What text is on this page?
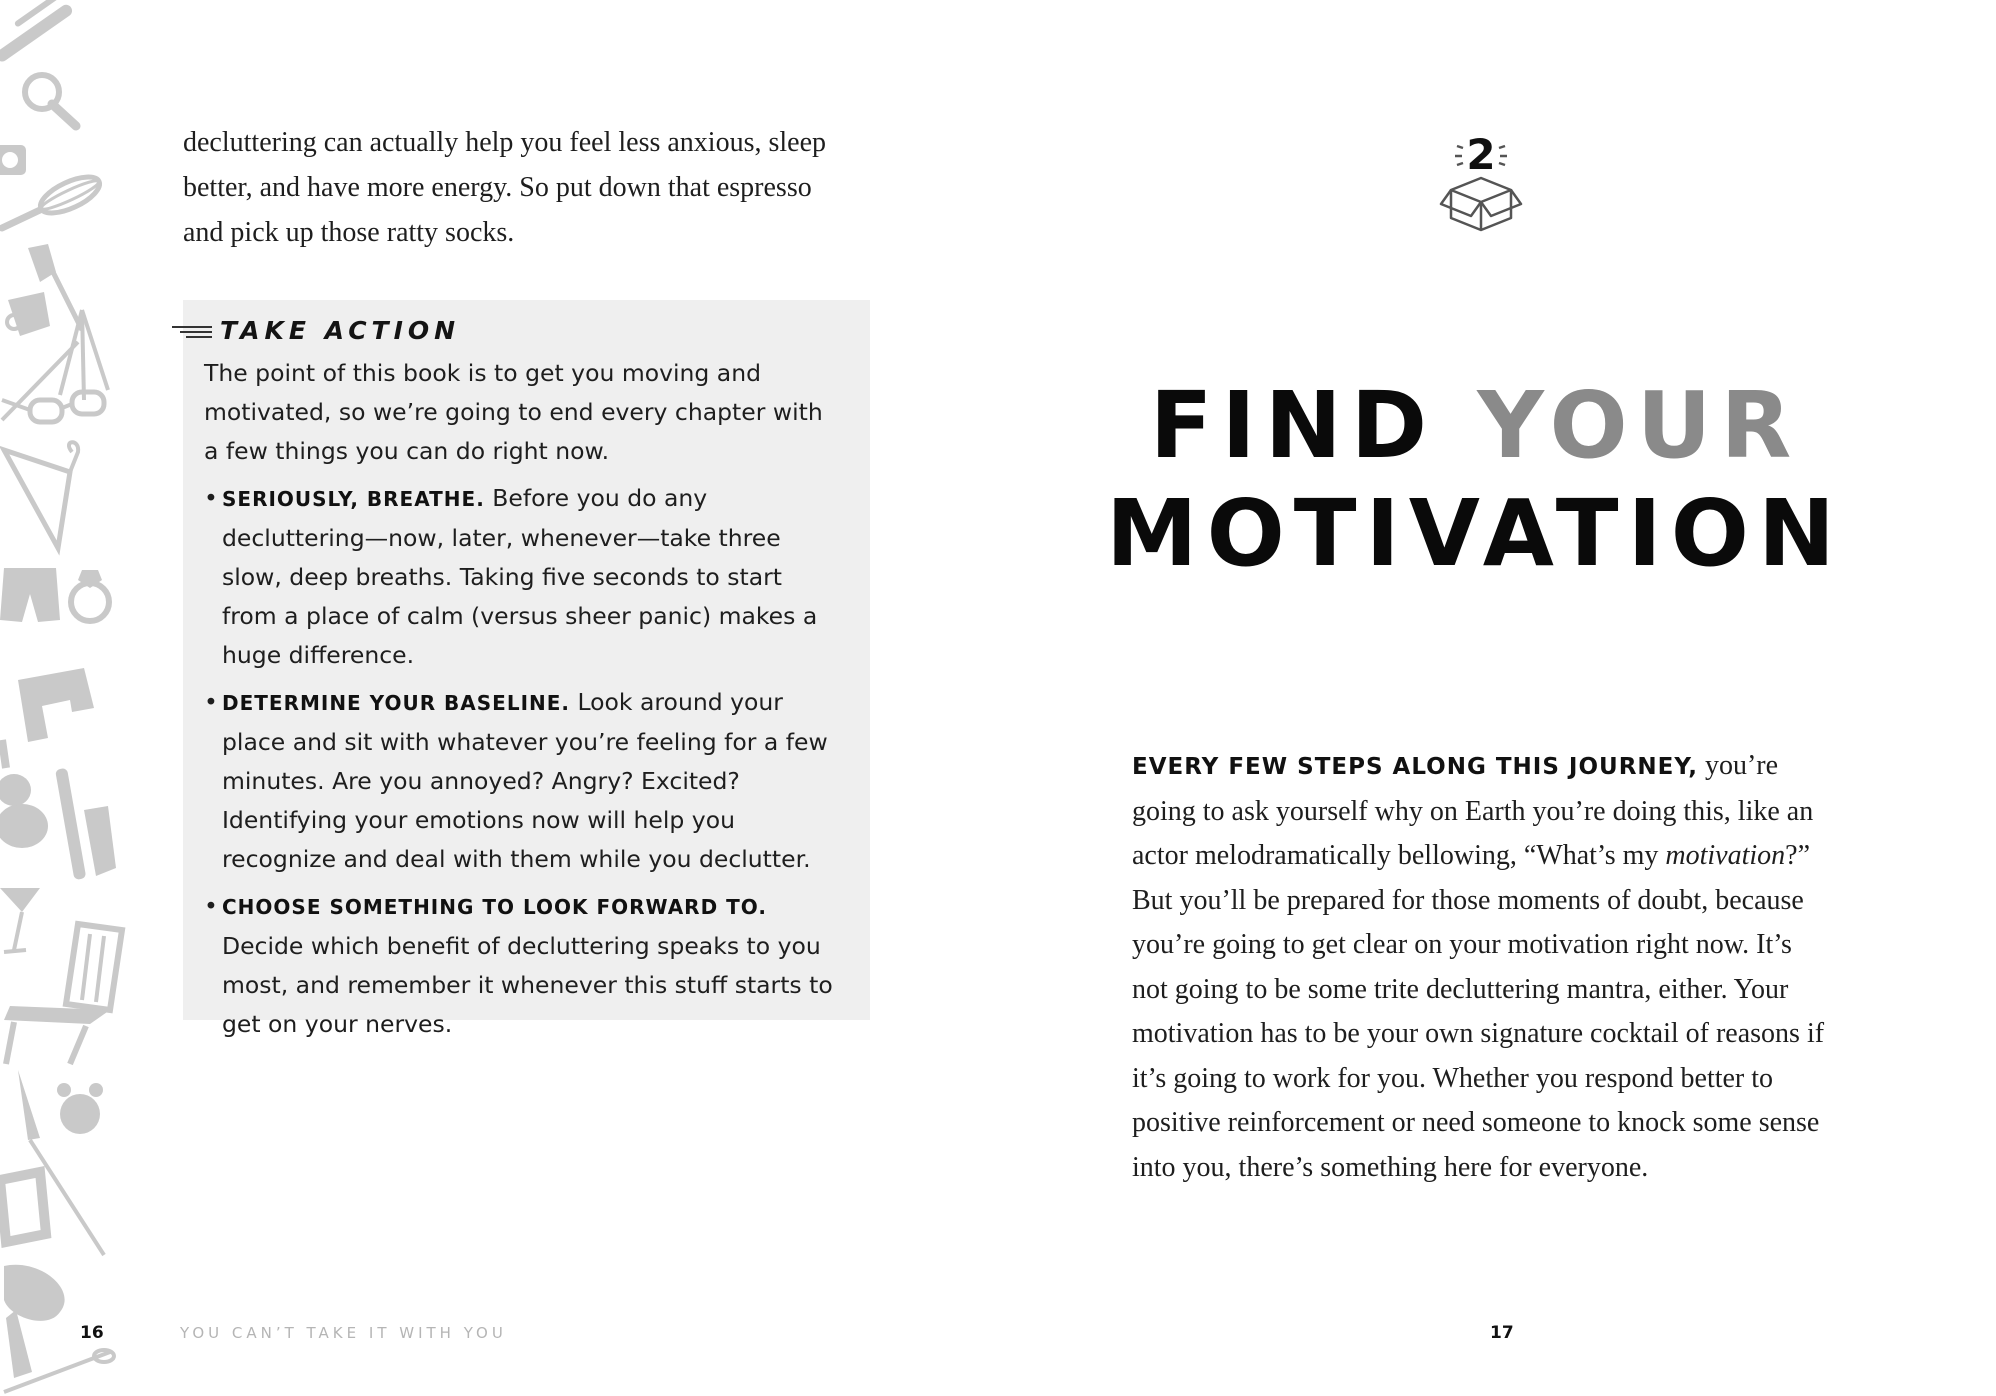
decluttering can actually help you feel less anxious, sleep
better, and have more energy. So put down that espresso
and pick up those ratty socks.
TAKE ACTION

The point of this book is to get you moving and motivated, so we’re going to end every chapter with a few things you can do right now.

• SERIOUSLY, BREATHE. Before you do any decluttering—now, later, whenever—take three slow, deep breaths. Taking five seconds to start from a place of calm (versus sheer panic) makes a huge difference.
• DETERMINE YOUR BASELINE. Look around your place and sit with whatever you’re feeling for a few minutes. Are you annoyed? Angry? Excited? Identifying your emotions now will help you recognize and deal with them while you declutter.
• CHOOSE SOMETHING TO LOOK FORWARD TO. Decide which benefit of decluttering speaks to you most, and remember it whenever this stuff starts to get on your nerves.
16	YOU CAN’T TAKE IT WITH YOU
2
FIND YOUR
MOTIVATION
EVERY FEW STEPS ALONG THIS JOURNEY, you’re going to ask yourself why on Earth you’re doing this, like an actor melodramatically bellowing, “What’s my motivation?” But you’ll be prepared for those moments of doubt, because you’re going to get clear on your motivation right now. It’s not going to be some trite decluttering mantra, either. Your motivation has to be your own signature cocktail of reasons if it’s going to work for you. Whether you respond better to positive reinforcement or need someone to knock some sense into you, there’s something here for everyone.
17
